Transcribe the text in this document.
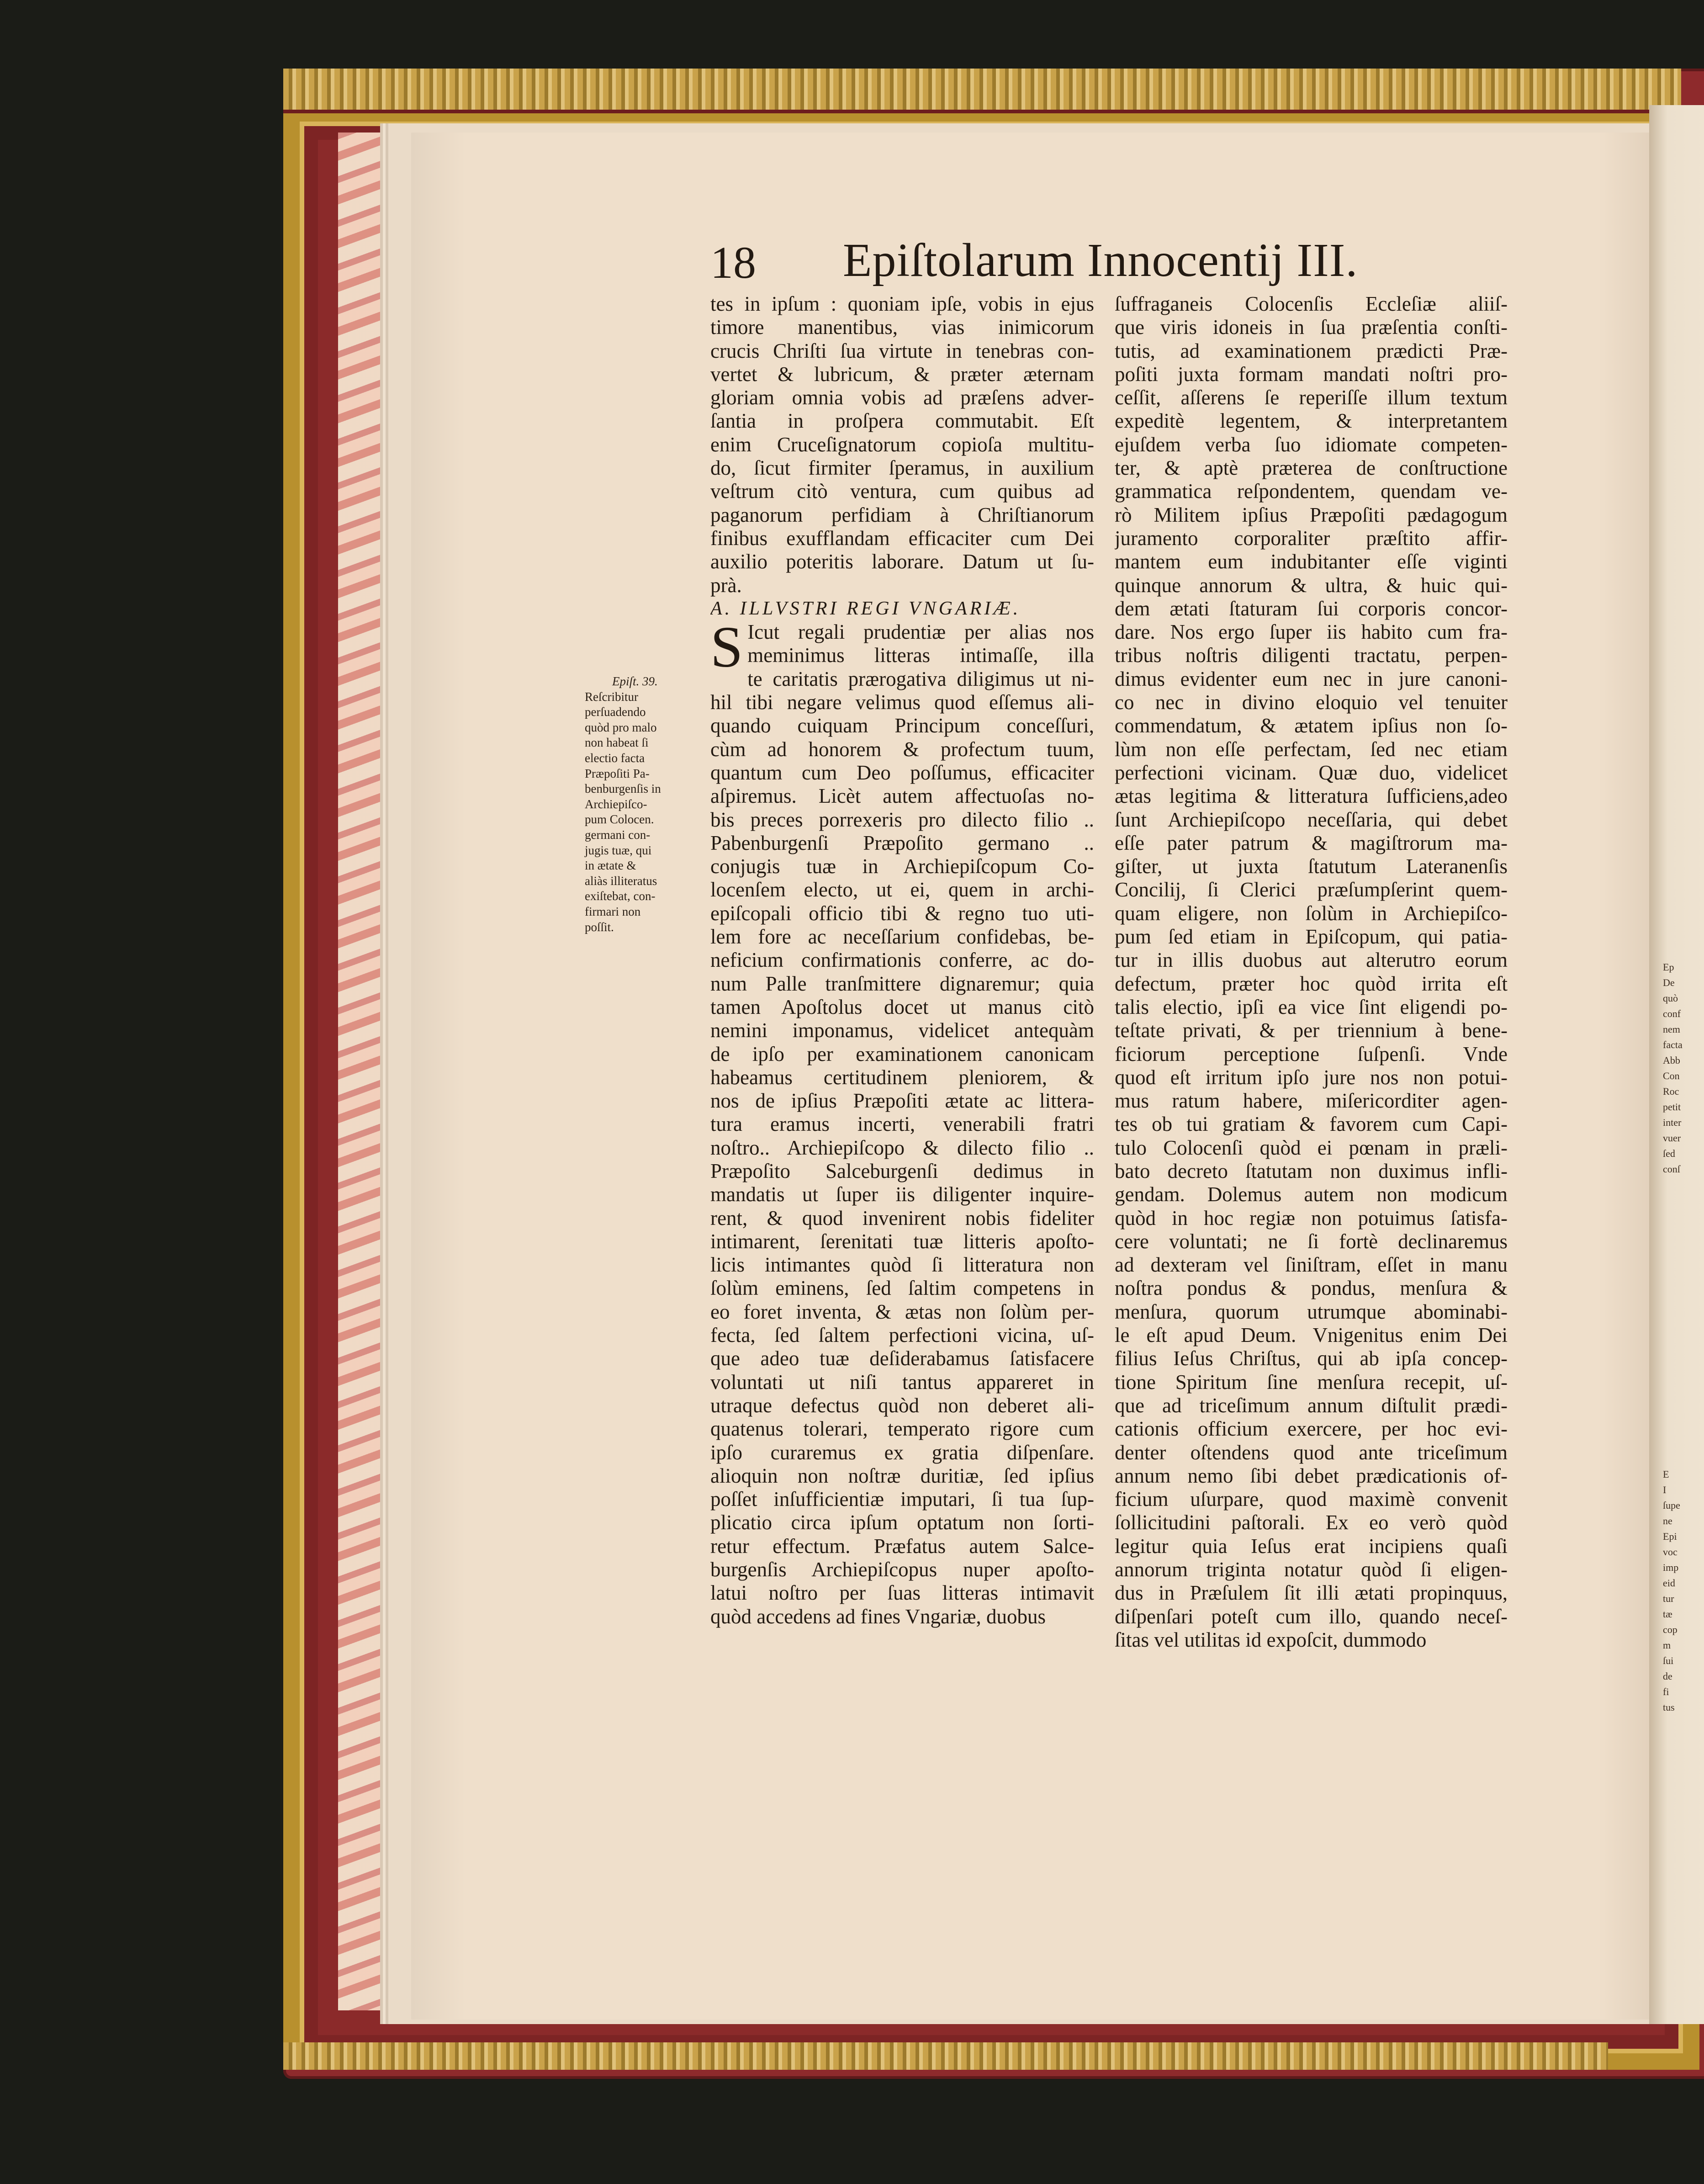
Ep
De
quò
conf
nem
facta
Abb
Con
Roc
petit
inter
vuer
ſed
conſ
E
I
ſupe
ne
Epi
voc
imp
eid
tur
tæ
cop
m
ſui
de
fi
tus
18 Epiſtolarum Innocentij III.
Epiſt. 39.
Reſcribitur
perſuadendo
quòd pro malo
non habeat ſi
electio facta
Præpoſiti Pa-
benburgenſis in
Archiepiſco-
pum Colocen.
germani con-
jugis tuæ, qui
in ætate &
aliàs illiteratus
exiſtebat, con-
firmari non
poſſit.
tes in ipſum : quoniam ipſe, vobis in ejus
timore manentibus, vias inimicorum
crucis Chriſti ſua virtute in tenebras con-
vertet & lubricum, & præter æternam
gloriam omnia vobis ad præſens adver-
ſantia in proſpera commutabit. Eſt
enim Cruceſignatorum copioſa multitu-
do, ſicut firmiter ſperamus, in auxilium
veſtrum citò ventura, cum quibus ad
paganorum perfidiam à Chriſtianorum
finibus exufflandam efficaciter cum Dei
auxilio poteritis laborare. Datum ut ſu-
prà.
A. ILLVSTRI REGI VNGARIÆ.
S Icut regali prudentiæ per alias nos
meminimus litteras intimaſſe, illa
te caritatis prærogativa diligimus ut ni-
hil tibi negare velimus quod eſſemus ali-
quando cuiquam Principum conceſſuri,
cùm ad honorem & profectum tuum,
quantum cum Deo poſſumus, efficaciter
aſpiremus. Licèt autem affectuoſas no-
bis preces porrexeris pro dilecto filio ..
Pabenburgenſi Præpoſito germano ..
conjugis tuæ in Archiepiſcopum Co-
locenſem electo, ut ei, quem in archi-
epiſcopali officio tibi & regno tuo uti-
lem fore ac neceſſarium confidebas, be-
neficium confirmationis conferre, ac do-
num Palle tranſmittere dignaremur; quia
tamen Apoſtolus docet ut manus citò
nemini imponamus, videlicet antequàm
de ipſo per examinationem canonicam
habeamus certitudinem pleniorem, &
nos de ipſius Præpoſiti ætate ac littera-
tura eramus incerti, venerabili fratri
noſtro.. Archiepiſcopo & dilecto filio ..
Præpoſito Salceburgenſi dedimus in
mandatis ut ſuper iis diligenter inquire-
rent, & quod invenirent nobis fideliter
intimarent, ſerenitati tuæ litteris apoſto-
licis intimantes quòd ſi litteratura non
ſolùm eminens, ſed ſaltim competens in
eo foret inventa, & ætas non ſolùm per-
fecta, ſed ſaltem perfectioni vicina, uſ-
que adeo tuæ deſiderabamus ſatisfacere
voluntati ut niſi tantus appareret in
utraque defectus quòd non deberet ali-
quatenus tolerari, temperato rigore cum
ipſo curaremus ex gratia diſpenſare.
alioquin non noſtræ duritiæ, ſed ipſius
poſſet inſufficientiæ imputari, ſi tua ſup-
plicatio circa ipſum optatum non ſorti-
retur effectum. Præfatus autem Salce-
burgenſis Archiepiſcopus nuper apoſto-
latui noſtro per ſuas litteras intimavit
quòd accedens ad fines Vngariæ, duobus
ſuffraganeis Colocenſis Eccleſiæ aliiſ-
que viris idoneis in ſua præſentia conſti-
tutis, ad examinationem prædicti Præ-
poſiti juxta formam mandati noſtri pro-
ceſſit, aſſerens ſe reperiſſe illum textum
expeditè legentem, & interpretantem
ejuſdem verba ſuo idiomate competen-
ter, & aptè præterea de conſtructione
grammatica reſpondentem, quendam ve-
rò Militem ipſius Præpoſiti pædagogum
juramento corporaliter præſtito affir-
mantem eum indubitanter eſſe viginti
quinque annorum & ultra, & huic qui-
dem ætati ſtaturam ſui corporis concor-
dare. Nos ergo ſuper iis habito cum fra-
tribus noſtris diligenti tractatu, perpen-
dimus evidenter eum nec in jure canoni-
co nec in divino eloquio vel tenuiter
commendatum, & ætatem ipſius non ſo-
lùm non eſſe perfectam, ſed nec etiam
perfectioni vicinam. Quæ duo, videlicet
ætas legitima & litteratura ſufficiens,adeo
ſunt Archiepiſcopo neceſſaria, qui debet
eſſe pater patrum & magiſtrorum ma-
giſter, ut juxta ſtatutum Lateranenſis
Concilij, ſi Clerici præſumpſerint quem-
quam eligere, non ſolùm in Archiepiſco-
pum ſed etiam in Epiſcopum, qui patia-
tur in illis duobus aut alterutro eorum
defectum, præter hoc quòd irrita eſt
talis electio, ipſi ea vice ſint eligendi po-
teſtate privati, & per triennium à bene-
ficiorum perceptione ſuſpenſi. Vnde
quod eſt irritum ipſo jure nos non potui-
mus ratum habere, miſericorditer agen-
tes ob tui gratiam & favorem cum Capi-
tulo Colocenſi quòd ei pœnam in præli-
bato decreto ſtatutam non duximus infli-
gendam. Dolemus autem non modicum
quòd in hoc regiæ non potuimus ſatisfa-
cere voluntati; ne ſi fortè declinaremus
ad dexteram vel ſiniſtram, eſſet in manu
noſtra pondus & pondus, menſura &
menſura, quorum utrumque abominabi-
le eſt apud Deum. Vnigenitus enim Dei
filius Ieſus Chriſtus, qui ab ipſa concep-
tione Spiritum ſine menſura recepit, uſ-
que ad triceſimum annum diſtulit prædi-
cationis officium exercere, per hoc evi-
denter oſtendens quod ante triceſimum
annum nemo ſibi debet prædicationis of-
ficium uſurpare, quod maximè convenit
ſollicitudini paſtorali. Ex eo verò quòd
legitur quia Ieſus erat incipiens quaſi
annorum triginta notatur quòd ſi eligen-
dus in Præſulem ſit illi ætati propinquus,
diſpenſari poteſt cum illo, quando neceſ-
ſitas vel utilitas id expoſcit, dummodo
